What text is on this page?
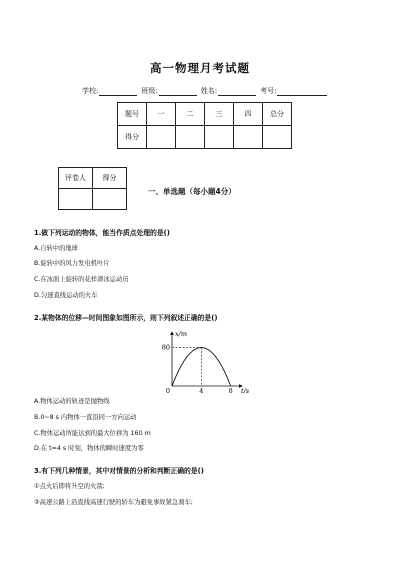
高一物理月考试题
学校:	班级:	姓名:	考号:
题号	一	二	三	四	总分
得分					
评卷人	得分

一、单选题（每小题4分）
1.做下列运动的物体，能当作质点处理的是()
A.自转中的地球
B.旋转中的风力发电机叶片
C.在冰面上旋转的花样滑冰运动员
D.匀速直线运动的火车
2.某物体的位移—时间图象如图所示，则下列叙述正确的是()
x/m
t/s
80
0	4	8
A.物体运动的轨迹是抛物线
B.0~8 s 内物体一直沿同一方向运动
C.物体运动所能达到的最大位移为 160 m
D.在 t=4 s 时刻，物体的瞬时速度为零
3.有下列几种情景，其中对情景的分析和判断正确的是()
①点火后即将升空的火箭;
②高速公路上沿直线高速行驶的轿车为避免事故紧急刹车;
